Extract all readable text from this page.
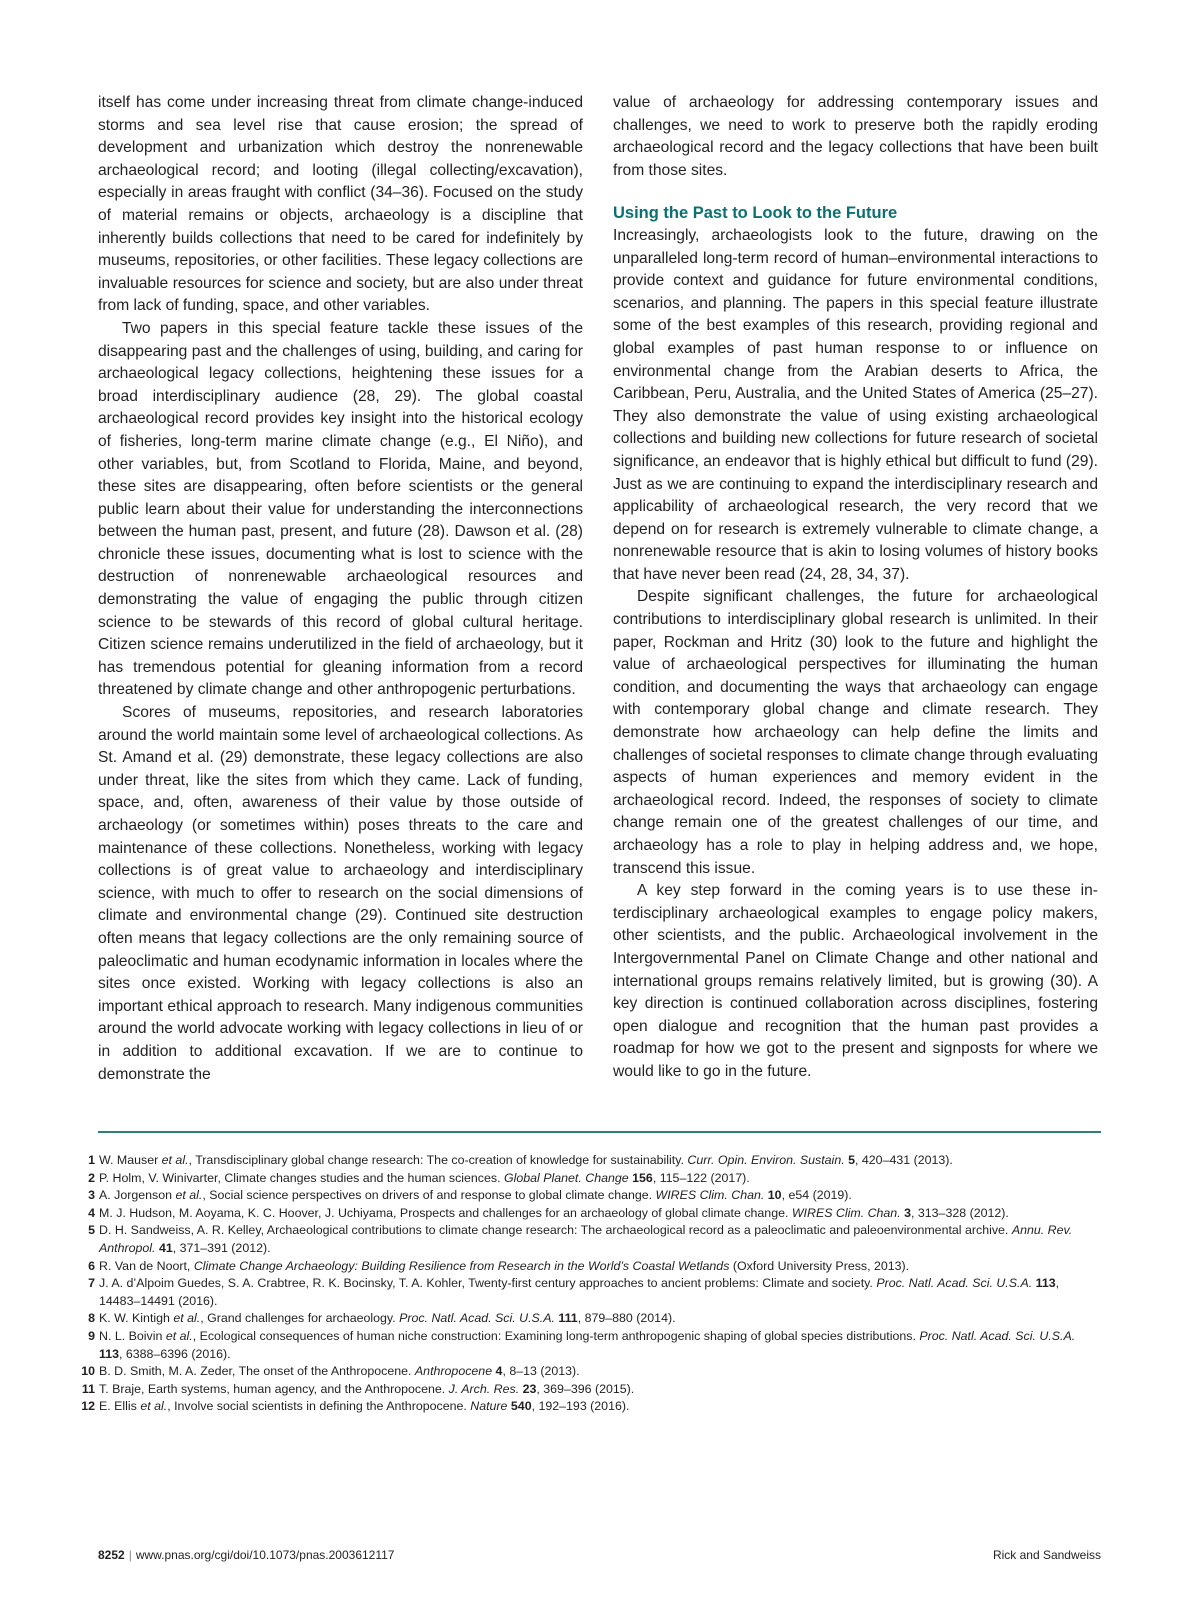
itself has come under increasing threat from climate change-induced storms and sea level rise that cause erosion; the spread of development and urbanization which destroy the nonrenewable archaeological record; and looting (illegal collecting/excavation), especially in areas fraught with conflict (34–36). Focused on the study of material remains or objects, archaeology is a discipline that inherently builds collections that need to be cared for indefinitely by museums, repositories, or other facilities. These legacy collections are invaluable resources for science and society, but are also under threat from lack of funding, space, and other variables.

Two papers in this special feature tackle these issues of the disappearing past and the challenges of using, building, and caring for archaeological legacy collections, heightening these issues for a broad interdisciplinary audience (28, 29). The global coastal archaeological record provides key insight into the historical ecology of fisheries, long-term marine climate change (e.g., El Niño), and other variables, but, from Scotland to Florida, Maine, and beyond, these sites are disappearing, often before scientists or the general public learn about their value for understanding the interconnections between the human past, present, and future (28). Dawson et al. (28) chronicle these issues, documenting what is lost to science with the destruction of nonrenewable archaeological resources and demonstrating the value of engaging the public through citizen science to be stewards of this record of global cultural heritage. Citizen science remains underutilized in the field of archaeology, but it has tremendous potential for gleaning information from a record threatened by climate change and other anthropogenic perturbations.

Scores of museums, repositories, and research laboratories around the world maintain some level of archaeological collections. As St. Amand et al. (29) demonstrate, these legacy collections are also under threat, like the sites from which they came. Lack of funding, space, and, often, awareness of their value by those outside of archaeology (or sometimes within) poses threats to the care and maintenance of these collections. Nonetheless, working with legacy collections is of great value to archaeology and interdisciplinary science, with much to offer to research on the social dimensions of climate and environmental change (29). Continued site destruction often means that legacy collections are the only remaining source of paleoclimatic and human ecodynamic information in locales where the sites once existed. Working with legacy collections is also an important ethical approach to research. Many indigenous communities around the world advocate working with legacy collections in lieu of or in addition to additional excavation. If we are to continue to demonstrate the

value of archaeology for addressing contemporary issues and challenges, we need to work to preserve both the rapidly eroding archaeological record and the legacy collections that have been built from those sites.

Using the Past to Look to the Future

Increasingly, archaeologists look to the future, drawing on the unparalleled long-term record of human–environmental interactions to provide context and guidance for future environmental conditions, scenarios, and planning. The papers in this special feature illustrate some of the best examples of this research, providing regional and global examples of past human response to or influence on environmental change from the Arabian deserts to Africa, the Caribbean, Peru, Australia, and the United States of America (25–27). They also demonstrate the value of using existing archaeological collections and building new collections for future research of societal significance, an endeavor that is highly ethical but difficult to fund (29). Just as we are continuing to expand the interdisciplinary research and applicability of archaeological research, the very record that we depend on for research is extremely vulnerable to climate change, a nonrenewable resource that is akin to losing volumes of history books that have never been read (24, 28, 34, 37).

Despite significant challenges, the future for archaeological contributions to interdisciplinary global research is unlimited. In their paper, Rockman and Hritz (30) look to the future and highlight the value of archaeological perspectives for illuminating the human condition, and documenting the ways that archaeology can engage with contemporary global change and climate research. They demonstrate how archaeology can help define the limits and challenges of societal responses to climate change through evaluating aspects of human experiences and memory evident in the archaeological record. Indeed, the responses of society to climate change remain one of the greatest challenges of our time, and archaeology has a role to play in helping address and, we hope, transcend this issue.

A key step forward in the coming years is to use these interdisciplinary archaeological examples to engage policy makers, other scientists, and the public. Archaeological involvement in the Intergovernmental Panel on Climate Change and other national and international groups remains relatively limited, but is growing (30). A key direction is continued collaboration across disciplines, fostering open dialogue and recognition that the human past provides a roadmap for how we got to the present and signposts for where we would like to go in the future.

1 W. Mauser et al., Transdisciplinary global change research: The co-creation of knowledge for sustainability. Curr. Opin. Environ. Sustain. 5, 420–431 (2013).
2 P. Holm, V. Winivarter, Climate changes studies and the human sciences. Global Planet. Change 156, 115–122 (2017).
3 A. Jorgenson et al., Social science perspectives on drivers of and response to global climate change. WIRES Clim. Chan. 10, e54 (2019).
4 M. J. Hudson, M. Aoyama, K. C. Hoover, J. Uchiyama, Prospects and challenges for an archaeology of global climate change. WIRES Clim. Chan. 3, 313–328 (2012).
5 D. H. Sandweiss, A. R. Kelley, Archaeological contributions to climate change research: The archaeological record as a paleoclimatic and paleoenvironmental archive. Annu. Rev. Anthropol. 41, 371–391 (2012).
6 R. Van de Noort, Climate Change Archaeology: Building Resilience from Research in the World’s Coastal Wetlands (Oxford University Press, 2013).
7 J. A. d’Alpoim Guedes, S. A. Crabtree, R. K. Bocinsky, T. A. Kohler, Twenty-first century approaches to ancient problems: Climate and society. Proc. Natl. Acad. Sci. U.S.A. 113, 14483–14491 (2016).
8 K. W. Kintigh et al., Grand challenges for archaeology. Proc. Natl. Acad. Sci. U.S.A. 111, 879–880 (2014).
9 N. L. Boivin et al., Ecological consequences of human niche construction: Examining long-term anthropogenic shaping of global species distributions. Proc. Natl. Acad. Sci. U.S.A. 113, 6388–6396 (2016).
10 B. D. Smith, M. A. Zeder, The onset of the Anthropocene. Anthropocene 4, 8–13 (2013).
11 T. Braje, Earth systems, human agency, and the Anthropocene. J. Arch. Res. 23, 369–396 (2015).
12 E. Ellis et al., Involve social scientists in defining the Anthropocene. Nature 540, 192–193 (2016).
8252 | www.pnas.org/cgi/doi/10.1073/pnas.2003612117	Rick and Sandweiss
